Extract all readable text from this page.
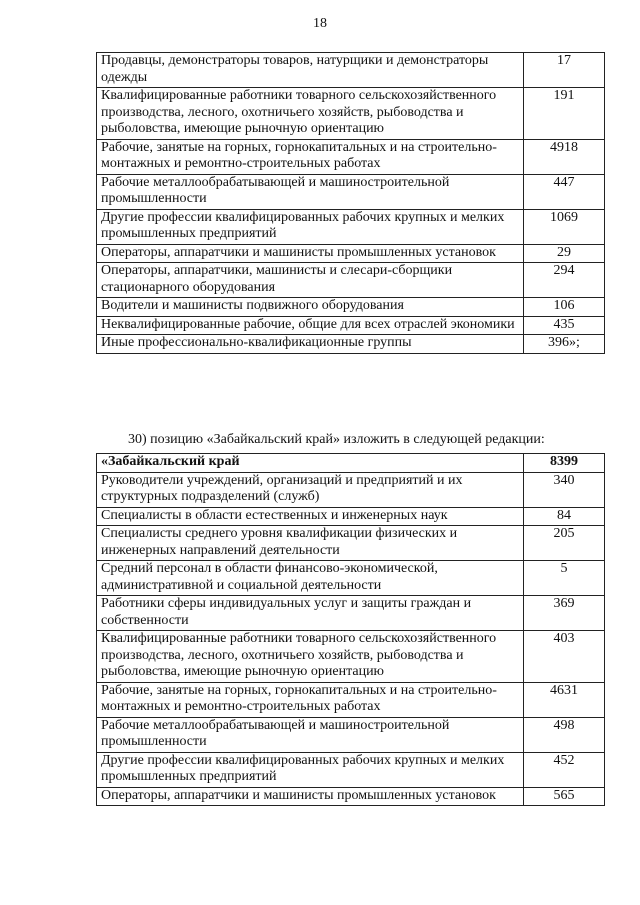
18
Продавцы, демонстраторы товаров, натурщики и демонстраторы одежды	17
Квалифицированные работники товарного сельскохозяйственного производства, лесного, охотничьего хозяйств, рыбоводства и рыболовства, имеющие рыночную ориентацию	191
Рабочие, занятые на горных, горнокапитальных и на строительно-монтажных и ремонтно-строительных работах	4918
Рабочие металлообрабатывающей и машиностроительной промышленности	447
Другие профессии квалифицированных рабочих крупных и мелких промышленных предприятий	1069
Операторы, аппаратчики и машинисты промышленных установок	29
Операторы, аппаратчики, машинисты и слесари-сборщики стационарного оборудования	294
Водители и машинисты подвижного оборудования	106
Неквалифицированные рабочие, общие для всех отраслей экономики	435
Иные профессионально-квалификационные группы	396»;
30) позицию «Забайкальский край» изложить в следующей редакции:
«Забайкальский край	8399
Руководители учреждений, организаций и предприятий и их структурных подразделений (служб)	340
Специалисты в области естественных и инженерных наук	84
Специалисты среднего уровня квалификации физических и инженерных направлений деятельности	205
Средний персонал в области финансово-экономической, административной и социальной деятельности	5
Работники сферы индивидуальных услуг и защиты граждан и собственности	369
Квалифицированные работники товарного сельскохозяйственного производства, лесного, охотничьего хозяйств, рыбоводства и рыболовства, имеющие рыночную ориентацию	403
Рабочие, занятые на горных, горнокапитальных и на строительно-монтажных и ремонтно-строительных работах	4631
Рабочие металлообрабатывающей и машиностроительной промышленности	498
Другие профессии квалифицированных рабочих крупных и мелких промышленных предприятий	452
Операторы, аппаратчики и машинисты промышленных установок	565
